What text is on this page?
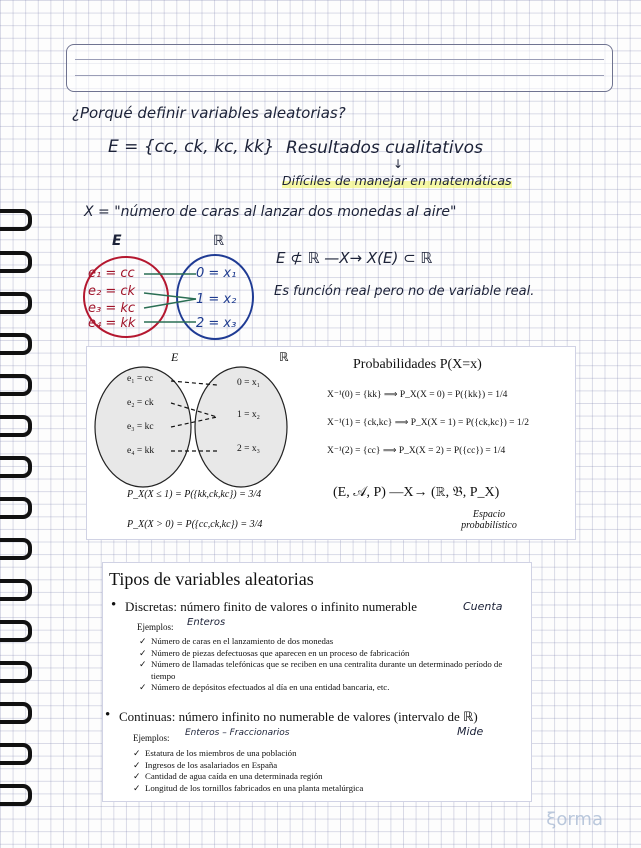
¿Porqué definir variables aleatorias?
E = {cc, ck, kc, kk} Resultados cualitativos
↓
Difíciles de manejar en matemáticas
X = "número de caras al lanzar dos monedas al aire"
E	ℝ
e₁ = cc
e₂ = ck
e₃ = kc
e₄ = kk
0 = x₁
1 = x₂
2 = x₃
E ⊄ ℝ —X→ X(E) ⊂ ℝ
Es función real pero no de variable real.
E	ℝ
e₁ = cc
e₂ = ck
e₃ = kc
e₄ = kk
0 = x₁
1 = x₂
2 = x₃
Probabilidades P(X=x)
X⁻¹(0) = {kk} ⟹ P_X(X = 0) = P({kk}) = 1/4
X⁻¹(1) = {ck,kc} ⟹ P_X(X = 1) = P({ck,kc}) = 1/2
X⁻¹(2) = {cc} ⟹ P_X(X = 2) = P({cc}) = 1/4
P_X(X ≤ 1) = P({kk,ck,kc}) = 3/4
P_X(X > 0) = P({cc,ck,kc}) = 3/4
(E, 𝒜, P) —X→ (ℝ, 𝔅, P_X)
Espacio probabilístico
Tipos de variables aleatorias
• Discretas: número finito de valores o infinito numerable	Cuenta
Ejemplos: Enteros
✓ Número de caras en el lanzamiento de dos monedas
✓ Número de piezas defectuosas que aparecen en un proceso de fabricación
✓ Número de llamadas telefónicas que se reciben en una centralita durante un determinado período de tiempo
✓ Número de depósitos efectuados al día en una entidad bancaria, etc.
• Continuas: número infinito no numerable de valores (intervalo de ℝ)
Mide
Ejemplos: Enteros – Fraccionarios
✓ Estatura de los miembros de una población
✓ Ingresos de los asalariados en España
✓ Cantidad de agua caída en una determinada región
✓ Longitud de los tornillos fabricados en una planta metalúrgica
ξorma
